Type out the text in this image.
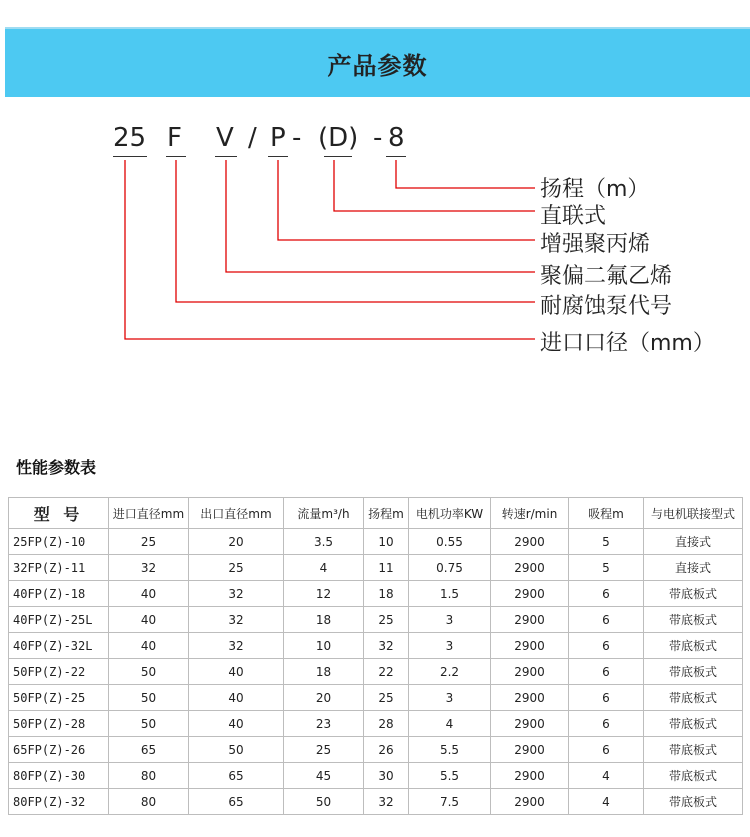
产品参数
25 F V / P - (D) - 8
扬程（m）
直联式
增强聚丙烯
聚偏二氟乙烯
耐腐蚀泵代号
进口口径（mm）
性能参数表
型 号	进口直径mm	出口直径mm	流量m³/h	扬程m	电机功率KW	转速r/min	吸程m	与电机联接型式
25FP(Z)-10	25	20	3.5	10	0.55	2900	5	直接式
32FP(Z)-11	32	25	4	11	0.75	2900	5	直接式
40FP(Z)-18	40	32	12	18	1.5	2900	6	带底板式
40FP(Z)-25L	40	32	18	25	3	2900	6	带底板式
40FP(Z)-32L	40	32	10	32	3	2900	6	带底板式
50FP(Z)-22	50	40	18	22	2.2	2900	6	带底板式
50FP(Z)-25	50	40	20	25	3	2900	6	带底板式
50FP(Z)-28	50	40	23	28	4	2900	6	带底板式
65FP(Z)-26	65	50	25	26	5.5	2900	6	带底板式
80FP(Z)-30	80	65	45	30	5.5	2900	4	带底板式
80FP(Z)-32	80	65	50	32	7.5	2900	4	带底板式
